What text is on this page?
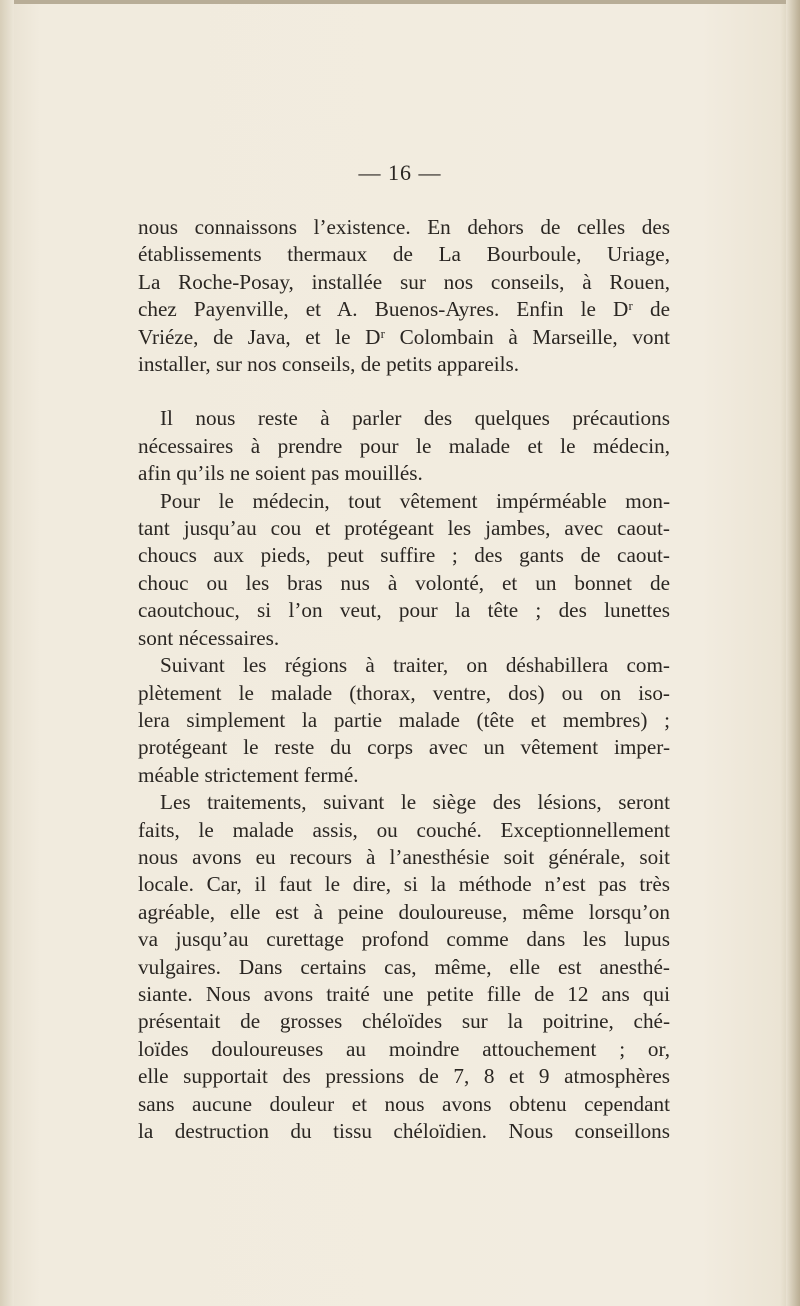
— 16 —
nous connaissons l’existence. En dehors de celles des
établissements thermaux de La Bourboule, Uriage,
La Roche-Posay, installée sur nos conseils, à Rouen,
chez Payenville, et A. Buenos-Ayres. Enfin le Dʳ de
Vriéze, de Java, et le Dʳ Colombain à Marseille, vont
installer, sur nos conseils, de petits appareils.
Il nous reste à parler des quelques précautions
nécessaires à prendre pour le malade et le médecin,
afin qu’ils ne soient pas mouillés.
Pour le médecin, tout vêtement impérméable mon-
tant jusqu’au cou et protégeant les jambes, avec caout-
choucs aux pieds, peut suffire ; des gants de caout-
chouc ou les bras nus à volonté, et un bonnet de
caoutchouc, si l’on veut, pour la tête ; des lunettes
sont nécessaires.
Suivant les régions à traiter, on déshabillera com-
plètement le malade (thorax, ventre, dos) ou on iso-
lera simplement la partie malade (tête et membres) ;
protégeant le reste du corps avec un vêtement imper-
méable strictement fermé.
Les traitements, suivant le siège des lésions, seront
faits, le malade assis, ou couché. Exceptionnellement
nous avons eu recours à l’anesthésie soit générale, soit
locale. Car, il faut le dire, si la méthode n’est pas très
agréable, elle est à peine douloureuse, même lorsqu’on
va jusqu’au curettage profond comme dans les lupus
vulgaires. Dans certains cas, même, elle est anesthé-
siante. Nous avons traité une petite fille de 12 ans qui
présentait de grosses chéloïdes sur la poitrine, ché-
loïdes douloureuses au moindre attouchement ; or,
elle supportait des pressions de 7, 8 et 9 atmosphères
sans aucune douleur et nous avons obtenu cependant
la destruction du tissu chéloïdien. Nous conseillons
